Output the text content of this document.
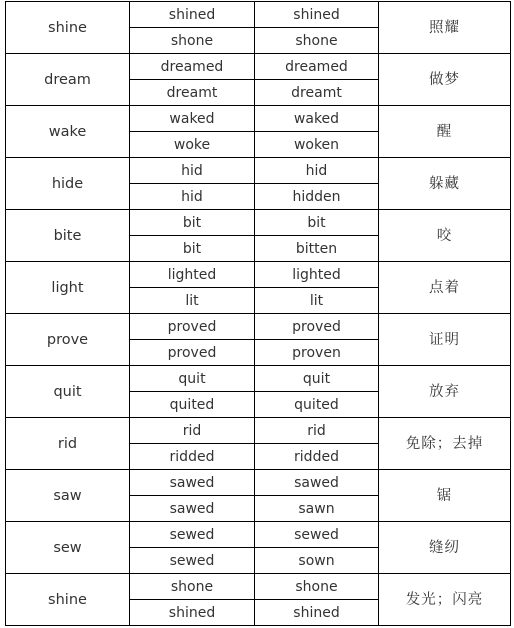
shine	shined	shined	照耀
	shone	shone	
dream	dreamed	dreamed	做梦
	dreamt	dreamt	
wake	waked	waked	醒
	woke	woken	
hide	hid	hid	躲藏
	hid	hidden	
bite	bit	bit	咬
	bit	bitten	
light	lighted	lighted	点着
	lit	lit	
prove	proved	proved	证明
	proved	proven	
quit	quit	quit	放弃
	quited	quited	
rid	rid	rid	免除；去掉
	ridded	ridded	
saw	sawed	sawed	锯
	sawed	sawn	
sew	sewed	sewed	缝纫
	sewed	sown	
shine	shone	shone	发光；闪亮
	shined	shined	
